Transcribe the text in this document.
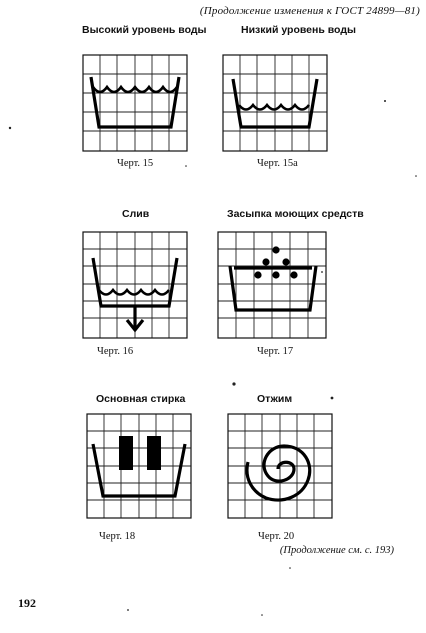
(Продолжение изменения к ГОСТ 24899—81)
Высокий уровень воды
Черт. 15
Низкий уровень воды
Черт. 15а
Слив
Черт. 16
Засыпка моющих средств
Черт. 17
Основная стирка
Черт. 18
Отжим
Черт. 20
(Продолжение см. с. 193)
192
